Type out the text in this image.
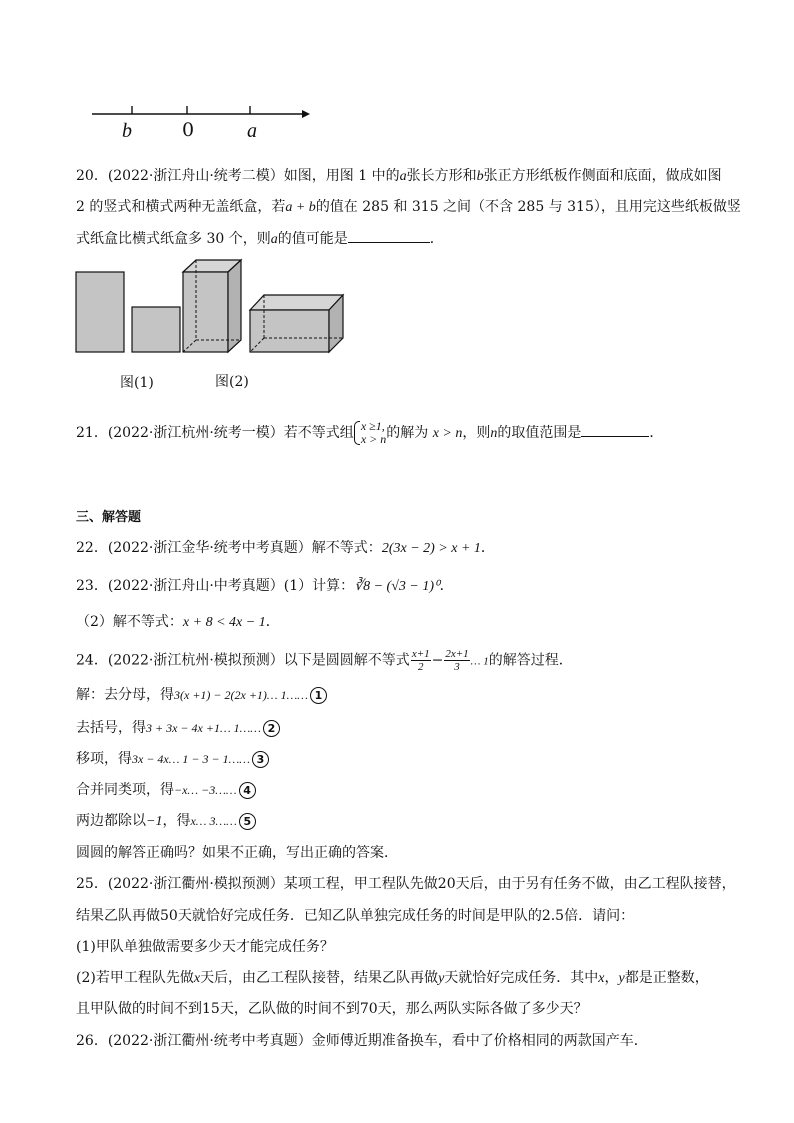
b	0	a
20．(2022·浙江舟山·统考二模）如图，用图 1 中的a张长方形和b张正方形纸板作侧面和底面，做成如图
2 的竖式和横式两种无盖纸盒，若a + b的值在 285 和 315 之间（不含 285 与 315），且用完这些纸板做竖
式纸盒比横式纸盒多 30 个，则a的值可能是	．
图(1)	图(2)
21．(2022·浙江杭州·统考一模）若不等式组 x ≥1,
x > n 的解为 x > n，则n的取值范围是	．
三、解答题
22．(2022·浙江金华·统考中考真题）解不等式：2(3x − 2) > x + 1．
23．(2022·浙江舟山·中考真题）(1）计算：∛8 − (√3 − 1)⁰．
（2）解不等式：x + 8 < 4x − 1．
24．(2022·浙江杭州·模拟预测）以下是圆圆解不等式 $\frac{x+1}{2} - \frac{2x+1}{3}$ … 1的解答过程．
解：去分母，得3(x +1) − 2(2x +1)… 1…… 1
去括号，得3 + 3x − 4x +1… 1…… 2
移项，得3x − 4x… 1 − 3 − 1…… 3
合并同类项，得−x… −3…… 4
两边都除以−1，得x… 3…… 5
圆圆的解答正确吗？如果不正确，写出正确的答案．
25．(2022·浙江衢州·模拟预测）某项工程，甲工程队先做20天后，由于另有任务不做，由乙工程队接替，
结果乙队再做50天就恰好完成任务．已知乙队单独完成任务的时间是甲队的2.5倍．请问：
(1)甲队单独做需要多少天才能完成任务？
(2)若甲工程队先做x天后，由乙工程队接替，结果乙队再做y天就恰好完成任务．其中x，y都是正整数，
且甲队做的时间不到15天，乙队做的时间不到70天，那么两队实际各做了多少天？
26．(2022·浙江衢州·统考中考真题）金师傅近期准备换车，看中了价格相同的两款国产车．
